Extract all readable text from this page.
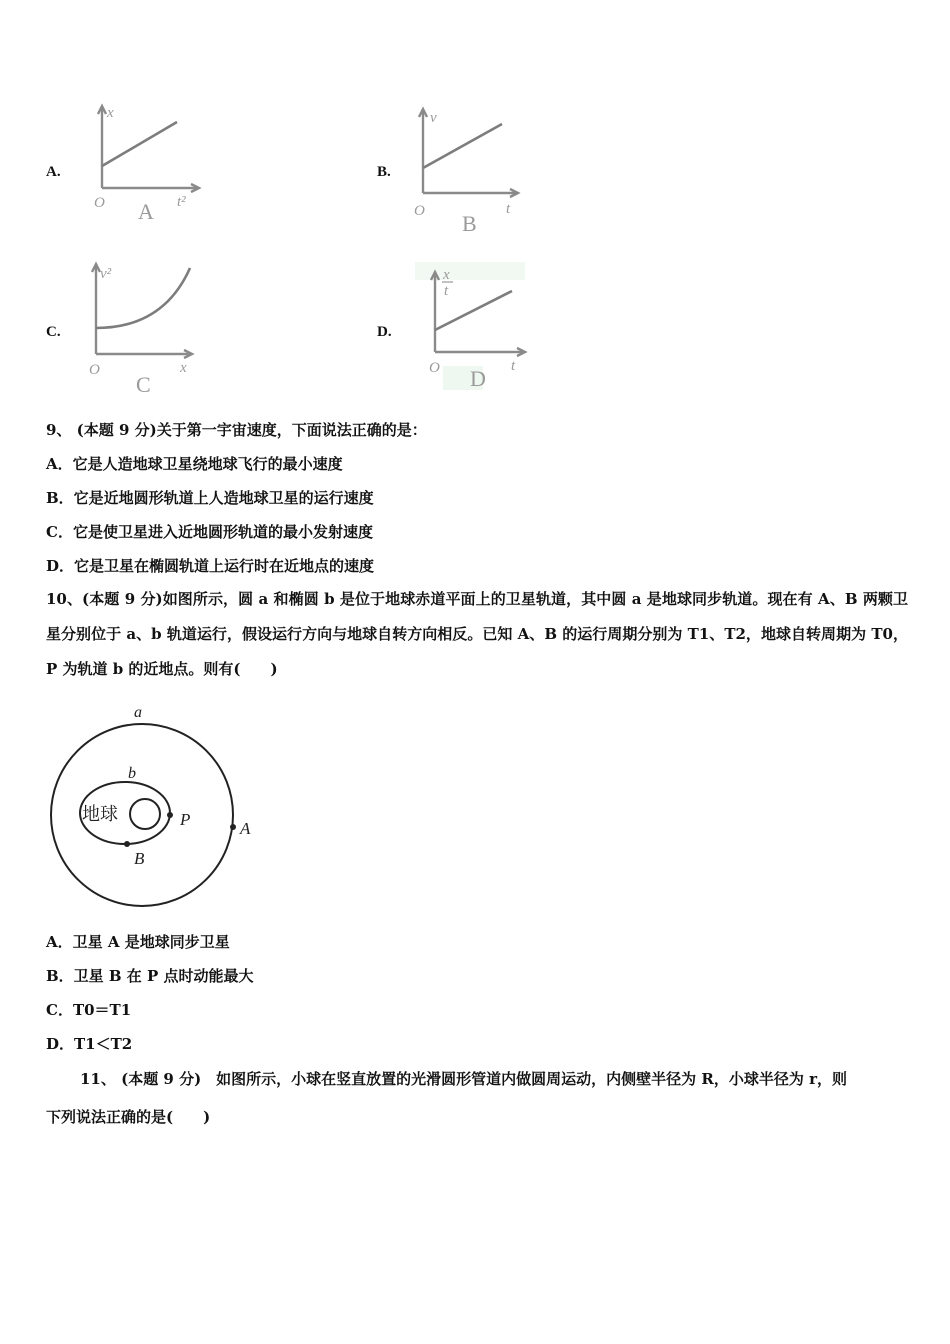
A.	B.
C.	D.
x
O	t²
A
v
O	t
B
v²
O	x
C
x
t
O	t
D
9、 (本题 9 分)关于第一宇宙速度，下面说法正确的是：
A．它是人造地球卫星绕地球飞行的最小速度
B．它是近地圆形轨道上人造地球卫星的运行速度
C．它是使卫星进入近地圆形轨道的最小发射速度
D．它是卫星在椭圆轨道上运行时在近地点的速度
10、(本题 9 分)如图所示，圆 a 和椭圆 b 是位于地球赤道平面上的卫星轨道，其中圆 a 是地球同步轨道。现在有 A、B 两颗卫星分别位于 a、b 轨道运行，假设运行方向与地球自转方向相反。已知 A、B 的运行周期分别为 T1、T2，地球自转周期为 T0，P 为轨道 b 的近地点。则有(　　)
a
b
地球	P	A
B
A．卫星 A 是地球同步卫星
B．卫星 B 在 P 点时动能最大
C．T0＝T1
D．T1＜T2
11、 (本题 9 分)　如图所示，小球在竖直放置的光滑圆形管道内做圆周运动，内侧壁半径为 R，小球半径为 r，则
下列说法正确的是(　　)
